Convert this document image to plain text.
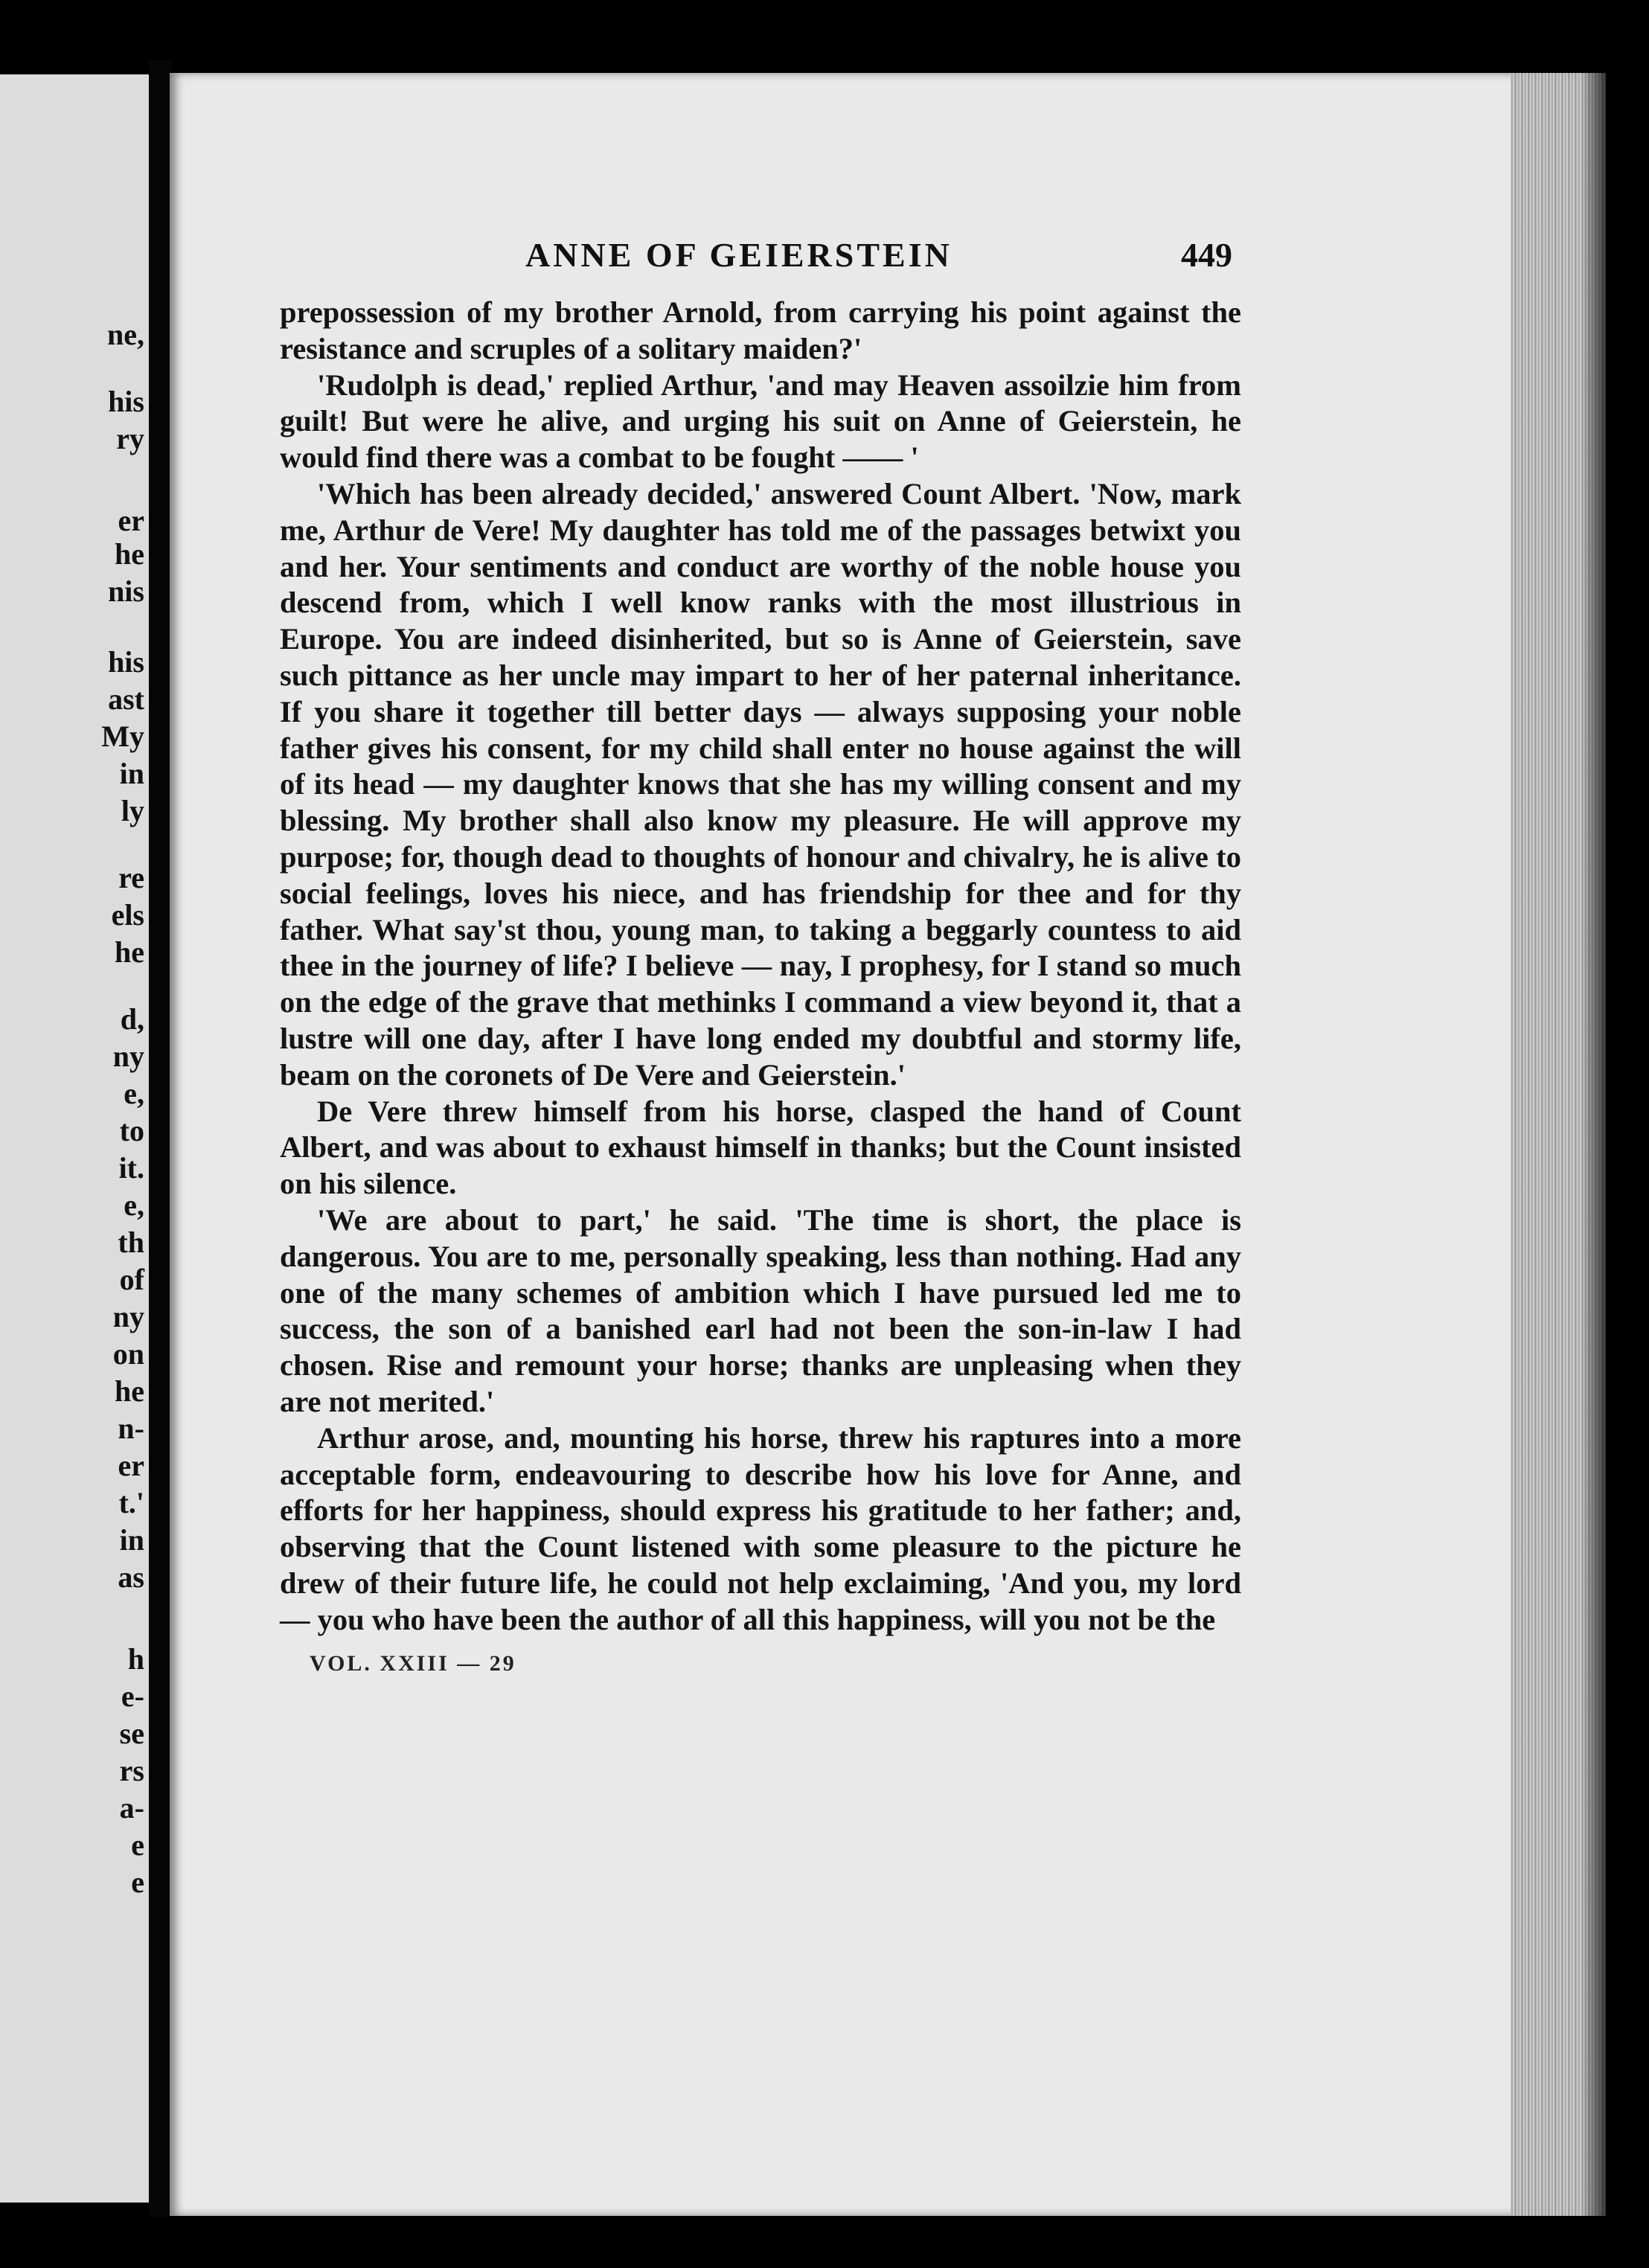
ne,
his
ry
er
he
nis
his
ast
My
in
ly
re
els
he
d,
ny
e,
to
it.
e,
th
of
ny
on
he
n-
er
t.'
in
as
h
e-
se
rs
a-
e
e
ANNE OF GEIERSTEIN	449

prepossession of my brother Arnold, from carrying his point against the resistance and scruples of a solitary maiden?'

'Rudolph is dead,' replied Arthur, 'and may Heaven assoilzie him from guilt! But were he alive, and urging his suit on Anne of Geierstein, he would find there was a combat to be fought —— '

'Which has been already decided,' answered Count Albert. 'Now, mark me, Arthur de Vere! My daughter has told me of the passages betwixt you and her. Your sentiments and conduct are worthy of the noble house you descend from, which I well know ranks with the most illustrious in Europe. You are indeed disinherited, but so is Anne of Geierstein, save such pittance as her uncle may impart to her of her paternal inheritance. If you share it together till better days — always supposing your noble father gives his consent, for my child shall enter no house against the will of its head — my daughter knows that she has my willing consent and my blessing. My brother shall also know my pleasure. He will approve my purpose; for, though dead to thoughts of honour and chivalry, he is alive to social feelings, loves his niece, and has friendship for thee and for thy father. What say'st thou, young man, to taking a beggarly countess to aid thee in the journey of life? I believe — nay, I prophesy, for I stand so much on the edge of the grave that methinks I command a view beyond it, that a lustre will one day, after I have long ended my doubtful and stormy life, beam on the coronets of De Vere and Geierstein.'

De Vere threw himself from his horse, clasped the hand of Count Albert, and was about to exhaust himself in thanks; but the Count insisted on his silence.

'We are about to part,' he said. 'The time is short, the place is dangerous. You are to me, personally speaking, less than nothing. Had any one of the many schemes of ambition which I have pursued led me to success, the son of a banished earl had not been the son-in-law I had chosen. Rise and remount your horse; thanks are unpleasing when they are not merited.'

Arthur arose, and, mounting his horse, threw his raptures into a more acceptable form, endeavouring to describe how his love for Anne, and efforts for her happiness, should express his gratitude to her father; and, observing that the Count listened with some pleasure to the picture he drew of their future life, he could not help exclaiming, 'And you, my lord — you who have been the author of all this happiness, will you not be the

VOL. XXIII — 29
